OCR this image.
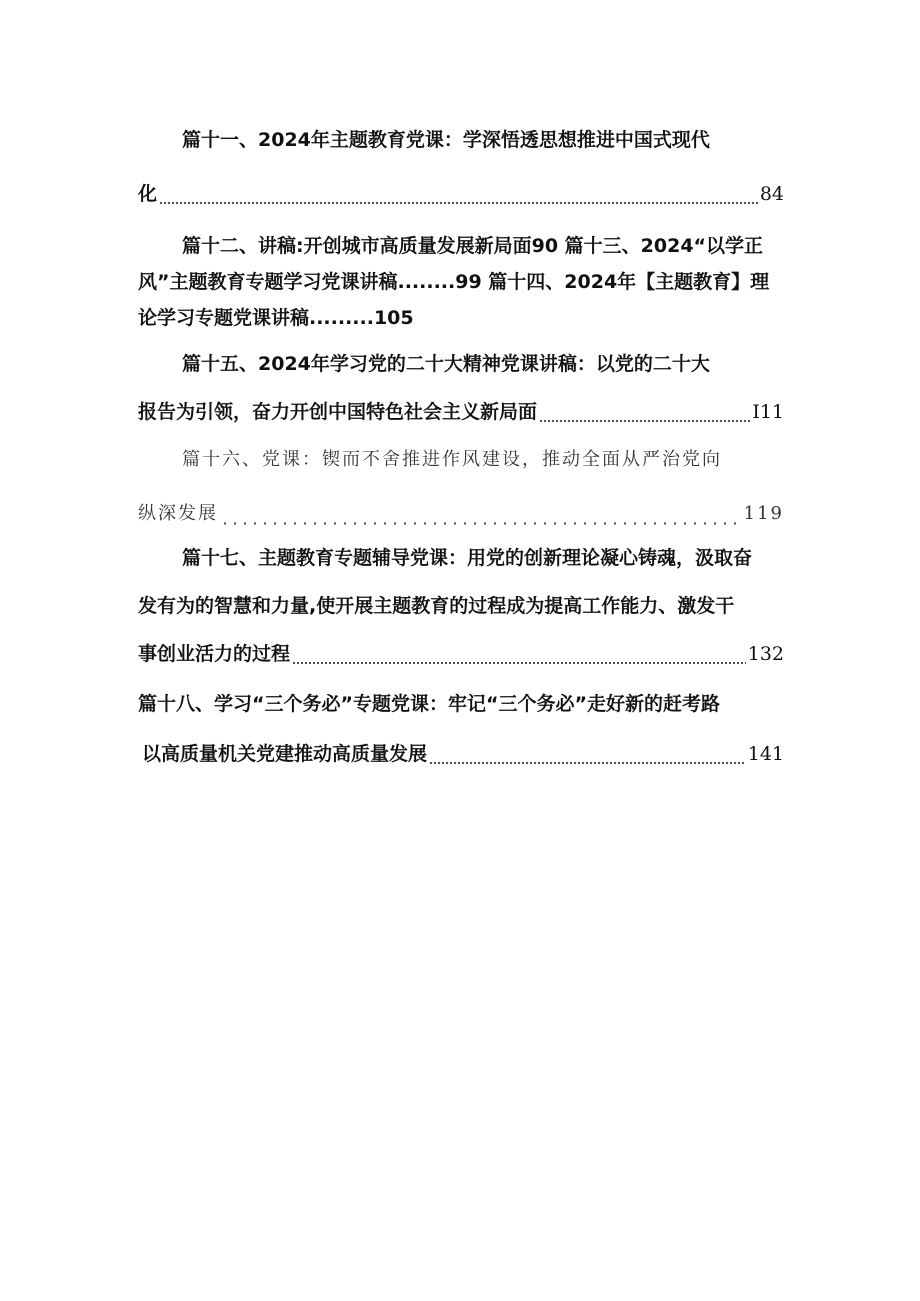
篇十一、2024年主题教育党课：学深悟透思想推进中国式现代
化	84
篇十二、讲稿:开创城市高质量发展新局面90 篇十三、2024“以学正
风”主题教育专题学习党课讲稿........99 篇十四、2024年【主题教育】理
论学习专题党课讲稿.........105
篇十五、2024年学习党的二十大精神党课讲稿：以党的二十大
报告为引领，奋力开创中国特色社会主义新局面	I11
篇十六、党课：锲而不舍推进作风建设，推动全面从严治党向
纵深发展	119
篇十七、主题教育专题辅导党课：用党的创新理论凝心铸魂，汲取奋
发有为的智慧和力量,使开展主题教育的过程成为提高工作能力、激发干
事创业活力的过程	132
篇十八、学习“三个务必”专题党课：牢记“三个务必”走好新的赶考路
以高质量机关党建推动高质量发展	141
